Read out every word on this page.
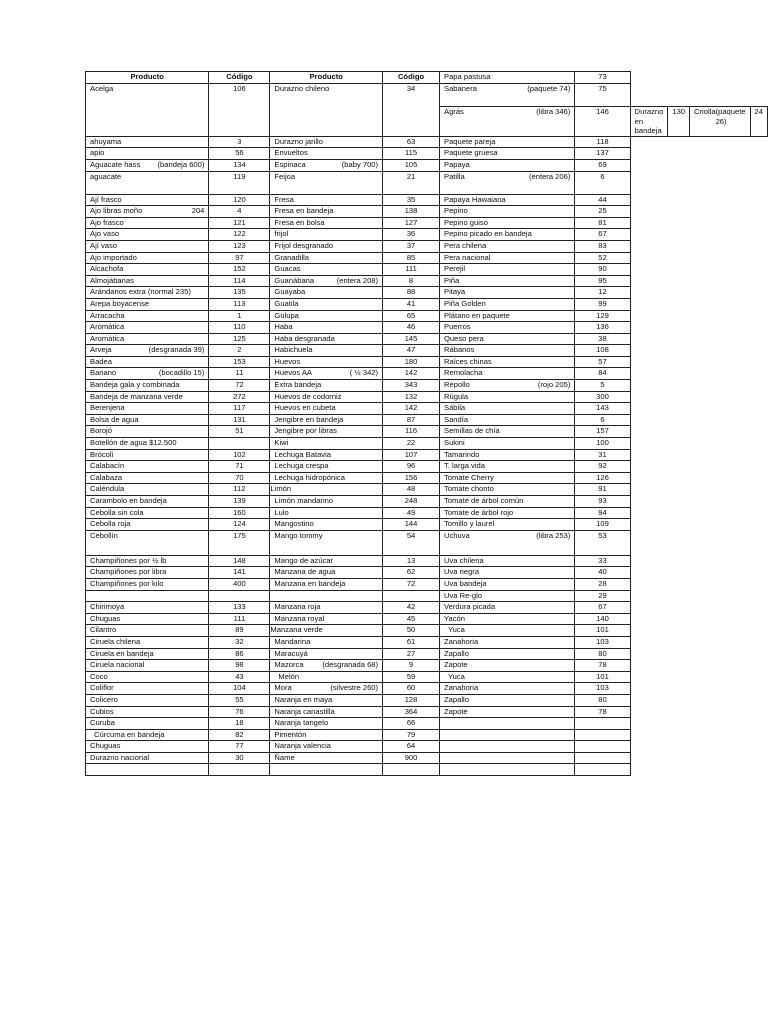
Producto	Código	Producto	Código	Papa pastusa	73				

Acelga	106	Durazno chileno	34	Sabanera (paquete 74)	75				

				Agrás (libra 346)	146	Durazno en bandeja	130	Criolla (paquete 26)	24

ahuyama	3	Durazno jarillo	63	Paquete pareja	118				

apio	56	Envueltos	115	Paquete gruesa	137				

Aguacate hass (bandeja 600)	134	Espinaca (baby 700)	105	Papaya	69				

aguacate	119	Feijoa	21	Patilla (entera 206)	6				

Ají frasco	120	Fresa	35	Papaya Hawaiana	44				

Ajo libras moño 204	4	Fresa en bandeja	138	Pepino	25				

Ajo frasco	121	Fresa en bolsa	127	Pepino guiso	81				

Ajo vaso	122	frijol	36	Pepino picado en bandeja	67				

Ají vaso	123	Frijol desgranado	37	Pera chilena	83				

Ajo importado	97	Granadilla	85	Pera nacional	52				

Alcachofa	152	Guacas	111	Perejil	90				

Almojábanas	114	Guanábana (entera 208)	8	Piña	95				

Arándanos extra (normal 235)	135	Guayaba	88	Pitaya	12				

Arepa boyacense	113	Guatila	41	Piña Golden	99				

Arracacha	1	Gulupa	65	Plátano en paquete	129				

Aromática	110	Haba	46	Puerros	136				

Aromática	125	Haba desgranada	145	Queso pera	38				

Arveja (desgranada 39)	2	Habichuela	47	Rábanos	108				

Badea	153	Huevos	180	Raíces chinas	57				

Banano (bocadillo 15)	11	Huevos AA ( ½ 342)	142	Remolacha	84				

Bandeja gala y combinada	72	Extra bandeja	343	Repollo (rojo 205)	5				

Bandeja de manzana verde	272	Huevos de codorniz	132	Rúgula	300				

Berenjena	117	Huevos en cubeta	142	Sábila	143				

Bolsa de agua	131	Jengibre en bandeja	87	Sandía	6				

Borojó	51	Jengibre por libras	116	Semillas de chía	157				

Botellón de agua $12.500		Kiwi	22	Sukini	100				

Brócoli	102	Lechuga Batavia	107	Tamarindo	31				

Calabacín	71	Lechuga crespa	96	T. larga vida	92				

Calabaza	70	Lechuga hidropónica	156	Tomate Cherry	126				

Caléndula	112	Limón	48	Tomate chonto	91				

Carambolo en bandeja	139	Limón mandarino	248	Tomate de árbol común	93				

Cebolla sin cola	160	Lulo	49	Tomate de árbol rojo	94				

Cebolla roja	124	Mangostino	144	Tomillo y laurel	109				

Cebollín	175	Mango tommy	54	Uchuva (libra 253)	53				

Champiñones por ½ lb	148	Mango de azúcar	13	Uva chilena	33				

Champiñones por libra	141	Manzana de agua	62	Uva negra	40				

Champiñones por kilo	400	Manzana en bandeja	72	Uva bandeja	28				

				Uva Re-glo	29				

Chirimoya	133	Manzana roja	42	Verdura picada	67				

Chuguas	111	Manzana royal	45	Yacón	140				

Cilantro	89	Manzana verde	50	Yuca	101				

Ciruela chilena	32	Mandarina	61	Zanahoria	103				

Ciruela en bandeja	86	Maracuyá	27	Zapallo	80				

Ciruela nacional	98	Mazorca (desgranada 68)	9	Zapote	78				

Coco	43	Melón	59	Yuca	101				

Coliflor	104	Mora (silvestre 260)	60	Zanahoria	103				

Colicero	55	Naranja en maya	128	Zapallo	80				

Cubios	76	Naranja canastilla	364	Zapote	78				

Curuba	18	Naranja tangelo	66					

Cúrcuma en bandeja	82	Pimentón	79					

Chuguas	77	Naranja valencia	64					

Durazno nacional	30	Ñame	900					
